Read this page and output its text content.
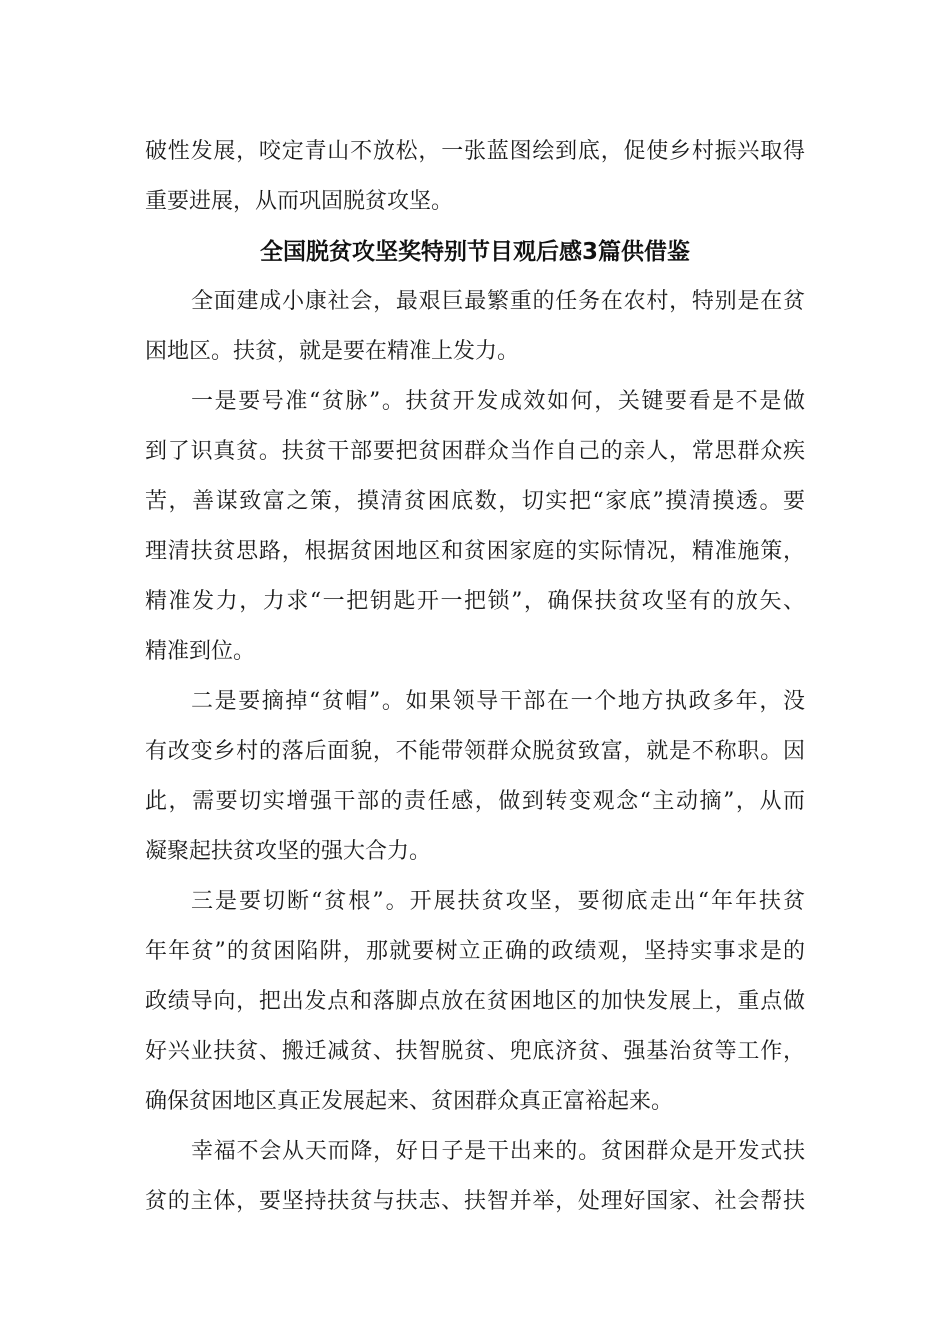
破性发展，咬定青山不放松，一张蓝图绘到底，促使乡村振兴取得
重要进展，从而巩固脱贫攻坚。
全国脱贫攻坚奖特别节目观后感3篇供借鉴
全面建成小康社会，最艰巨最繁重的任务在农村，特别是在贫
困地区。扶贫，就是要在精准上发力。
一是要号准“贫脉”。扶贫开发成效如何，关键要看是不是做
到了识真贫。扶贫干部要把贫困群众当作自己的亲人，常思群众疾
苦，善谋致富之策，摸清贫困底数，切实把“家底”摸清摸透。要
理清扶贫思路，根据贫困地区和贫困家庭的实际情况，精准施策，
精准发力，力求“一把钥匙开一把锁”，确保扶贫攻坚有的放矢、
精准到位。
二是要摘掉“贫帽”。如果领导干部在一个地方执政多年，没
有改变乡村的落后面貌，不能带领群众脱贫致富，就是不称职。因
此，需要切实增强干部的责任感，做到转变观念“主动摘”，从而
凝聚起扶贫攻坚的强大合力。
三是要切断“贫根”。开展扶贫攻坚，要彻底走出“年年扶贫
年年贫”的贫困陷阱，那就要树立正确的政绩观，坚持实事求是的
政绩导向，把出发点和落脚点放在贫困地区的加快发展上，重点做
好兴业扶贫、搬迁减贫、扶智脱贫、兜底济贫、强基治贫等工作，
确保贫困地区真正发展起来、贫困群众真正富裕起来。
幸福不会从天而降，好日子是干出来的。贫困群众是开发式扶
贫的主体，要坚持扶贫与扶志、扶智并举，处理好国家、社会帮扶
